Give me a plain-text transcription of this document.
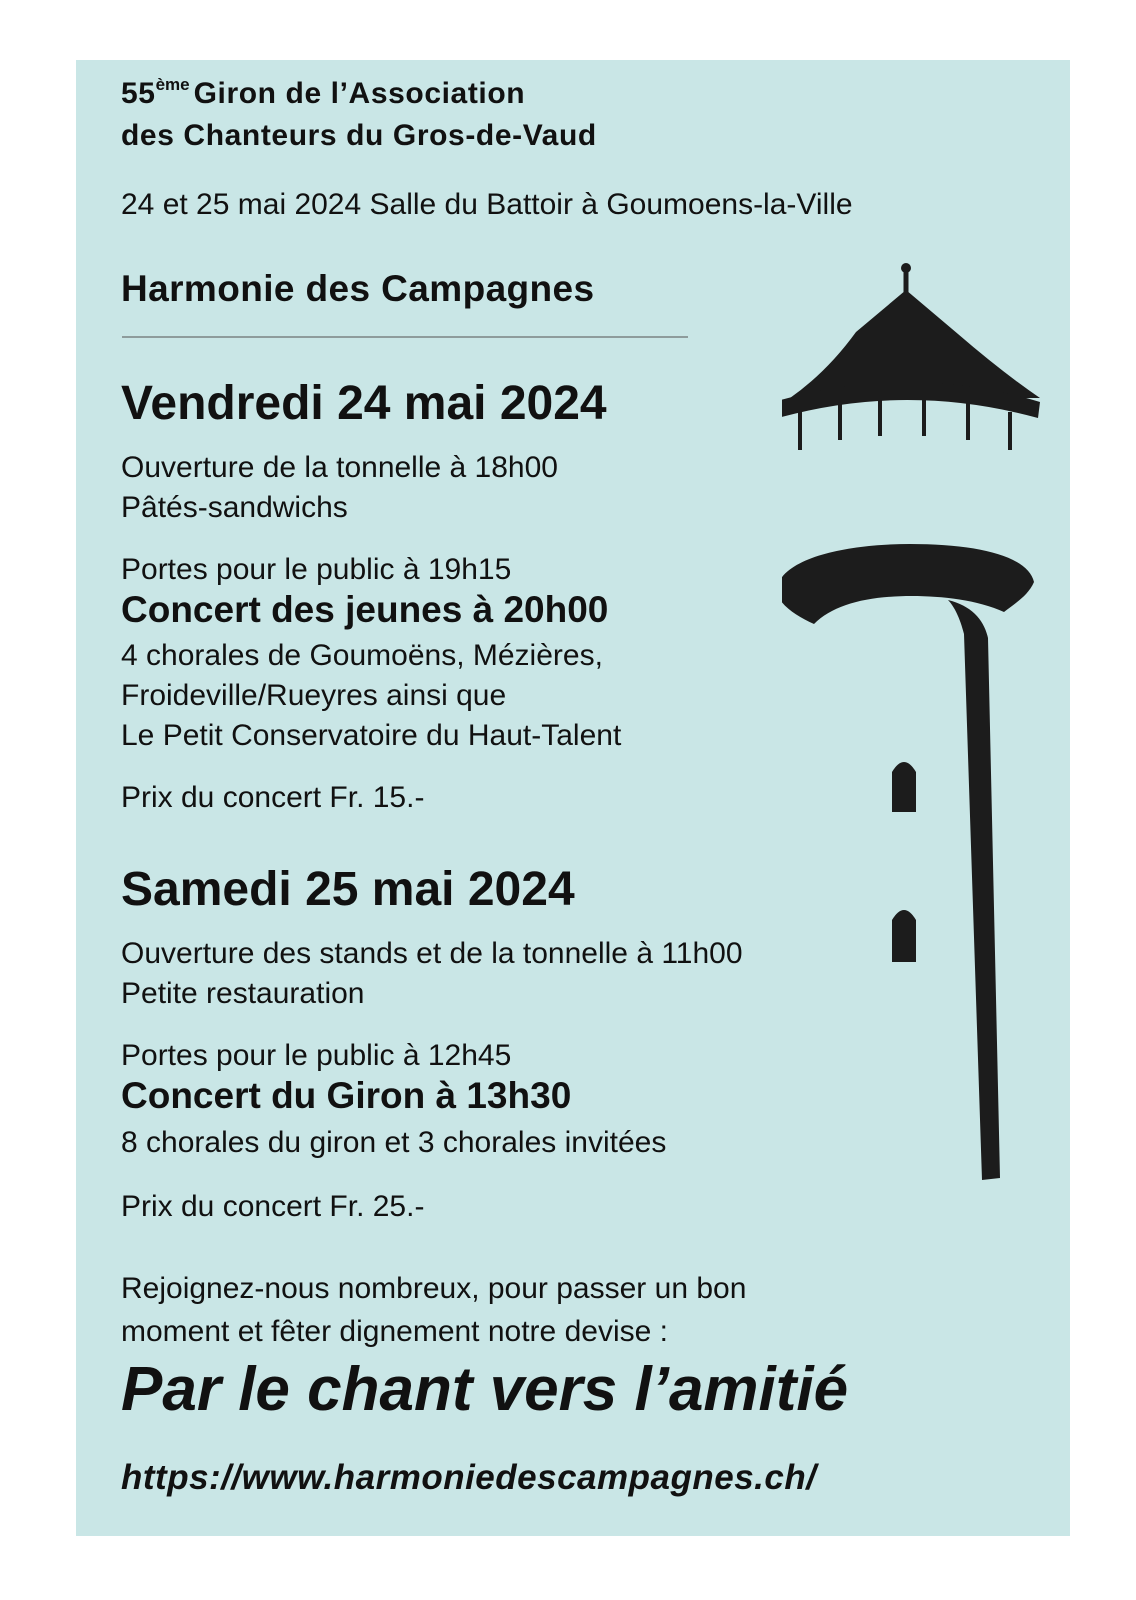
55ème Giron de l’Association
des Chanteurs du Gros-de-Vaud
24 et 25 mai 2024 Salle du Battoir à Goumoens-la-Ville
Harmonie des Campagnes
Vendredi 24 mai 2024
Ouverture de la tonnelle à 18h00
Pâtés-sandwichs
Portes pour le public à 19h15
Concert des jeunes à 20h00
4 chorales de Goumoëns, Mézières,
Froideville/Rueyres ainsi que
Le Petit Conservatoire du Haut-Talent
Prix du concert Fr. 15.-
Samedi 25 mai 2024
Ouverture des stands et de la tonnelle à 11h00
Petite restauration
Portes pour le public à 12h45
Concert du Giron à 13h30
8 chorales du giron et 3 chorales invitées
Prix du concert Fr. 25.-
Rejoignez-nous nombreux, pour passer un bon
moment et fêter dignement notre devise :
Par le chant vers l’amitié
https://www.harmoniedescampagnes.ch/
